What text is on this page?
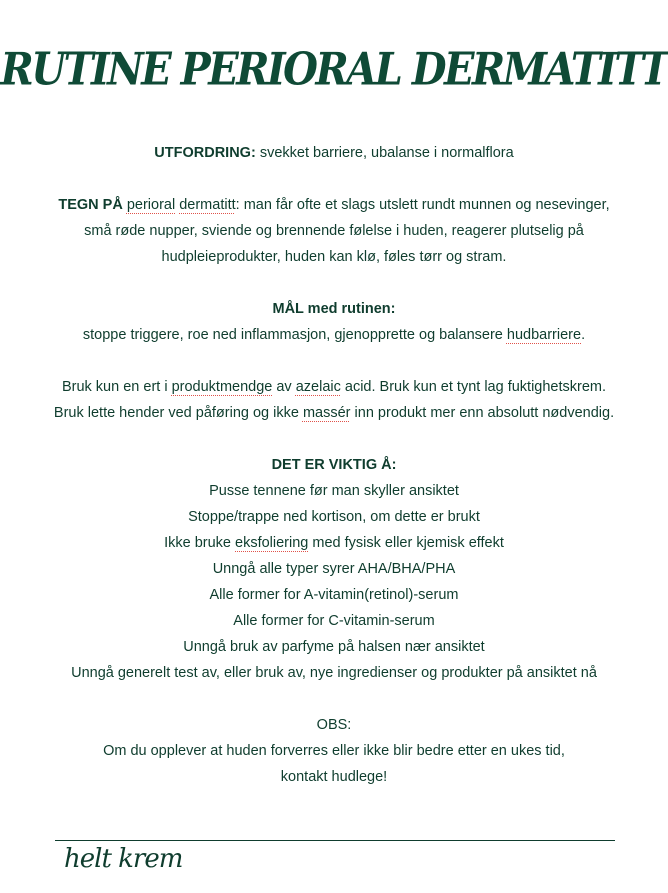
RUTINE PERIORAL DERMATITT

UTFORDRING: svekket barriere, ubalanse i normalflora

TEGN PÅ perioral dermatitt: man får ofte et slags utslett rundt munnen og nesevinger,

små røde nupper, sviende og brennende følelse i huden, reagerer plutselig på

hudpleieprodukter, huden kan klø, føles tørr og stram.

MÅL med rutinen:

stoppe triggere, roe ned inflammasjon, gjenopprette og balansere hudbarriere.

Bruk kun en ert i produktmendge av azelaic acid. Bruk kun et tynt lag fuktighetskrem.

Bruk lette hender ved påføring og ikke massér inn produkt mer enn absolutt nødvendig.

DET ER VIKTIG Å:

Pusse tennene før man skyller ansiktet

Stoppe/trappe ned kortison, om dette er brukt

Ikke bruke eksfoliering med fysisk eller kjemisk effekt

Unngå alle typer syrer AHA/BHA/PHA

Alle former for A-vitamin(retinol)-serum

Alle former for C-vitamin-serum

Unngå bruk av parfyme på halsen nær ansiktet

Unngå generelt test av, eller bruk av, nye ingredienser og produkter på ansiktet nå

OBS:

Om du opplever at huden forverres eller ikke blir bedre etter en ukes tid,

kontakt hudlege!

helt krem
